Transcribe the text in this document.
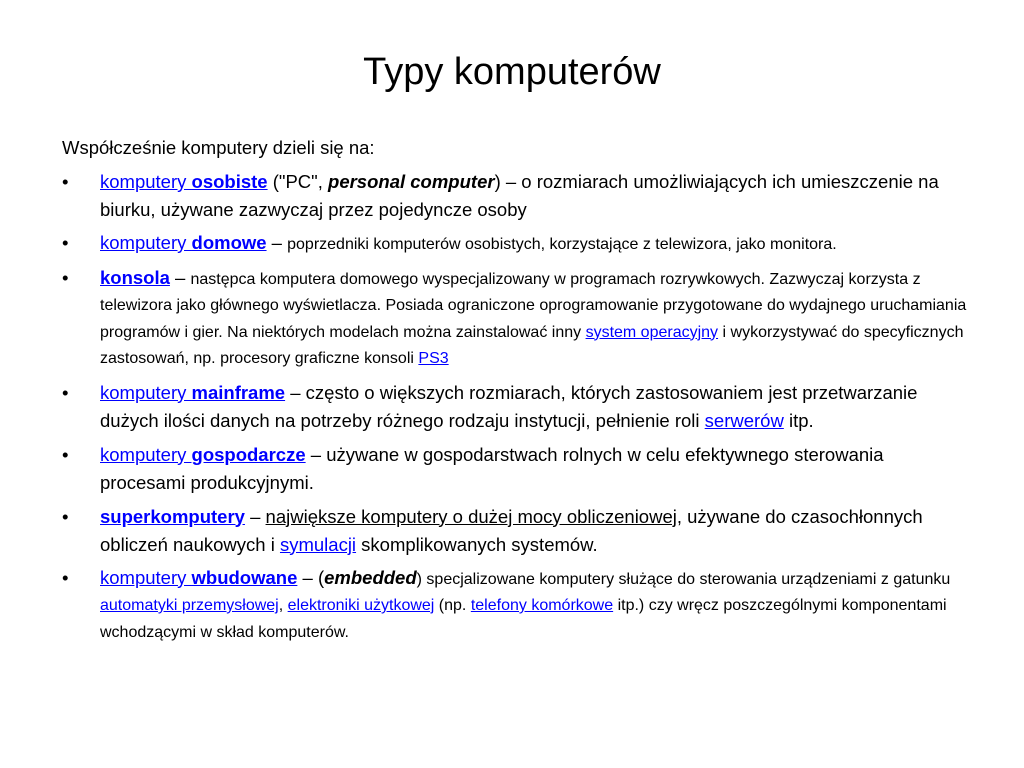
Typy komputerów

Współcześnie komputery dzieli się na:

•	komputery osobiste ("PC", personal computer) – o rozmiarach umożliwiających ich umieszczenie na biurku, używane zazwyczaj przez pojedyncze osoby
•	komputery domowe – poprzedniki komputerów osobistych, korzystające z telewizora, jako monitora.
•	konsola – następca komputera domowego wyspecjalizowany w programach rozrywkowych. Zazwyczaj korzysta z telewizora jako głównego wyświetlacza. Posiada ograniczone oprogramowanie przygotowane do wydajnego uruchamiania programów i gier. Na niektórych modelach można zainstalować inny system operacyjny i wykorzystywać do specyficznych zastosowań, np. procesory graficzne konsoli PS3
•	komputery mainframe – często o większych rozmiarach, których zastosowaniem jest przetwarzanie dużych ilości danych na potrzeby różnego rodzaju instytucji, pełnienie roli serwerów itp.
•	komputery gospodarcze – używane w gospodarstwach rolnych w celu efektywnego sterowania procesami produkcyjnymi.
•	superkomputery – największe komputery o dużej mocy obliczeniowej, używane do czasochłonnych obliczeń naukowych i symulacji skomplikowanych systemów.
•	komputery wbudowane – (embedded) specjalizowane komputery służące do sterowania urządzeniami z gatunku automatyki przemysłowej, elektroniki użytkowej (np. telefony komórkowe itp.) czy wręcz poszczególnymi komponentami wchodzącymi w skład komputerów.
